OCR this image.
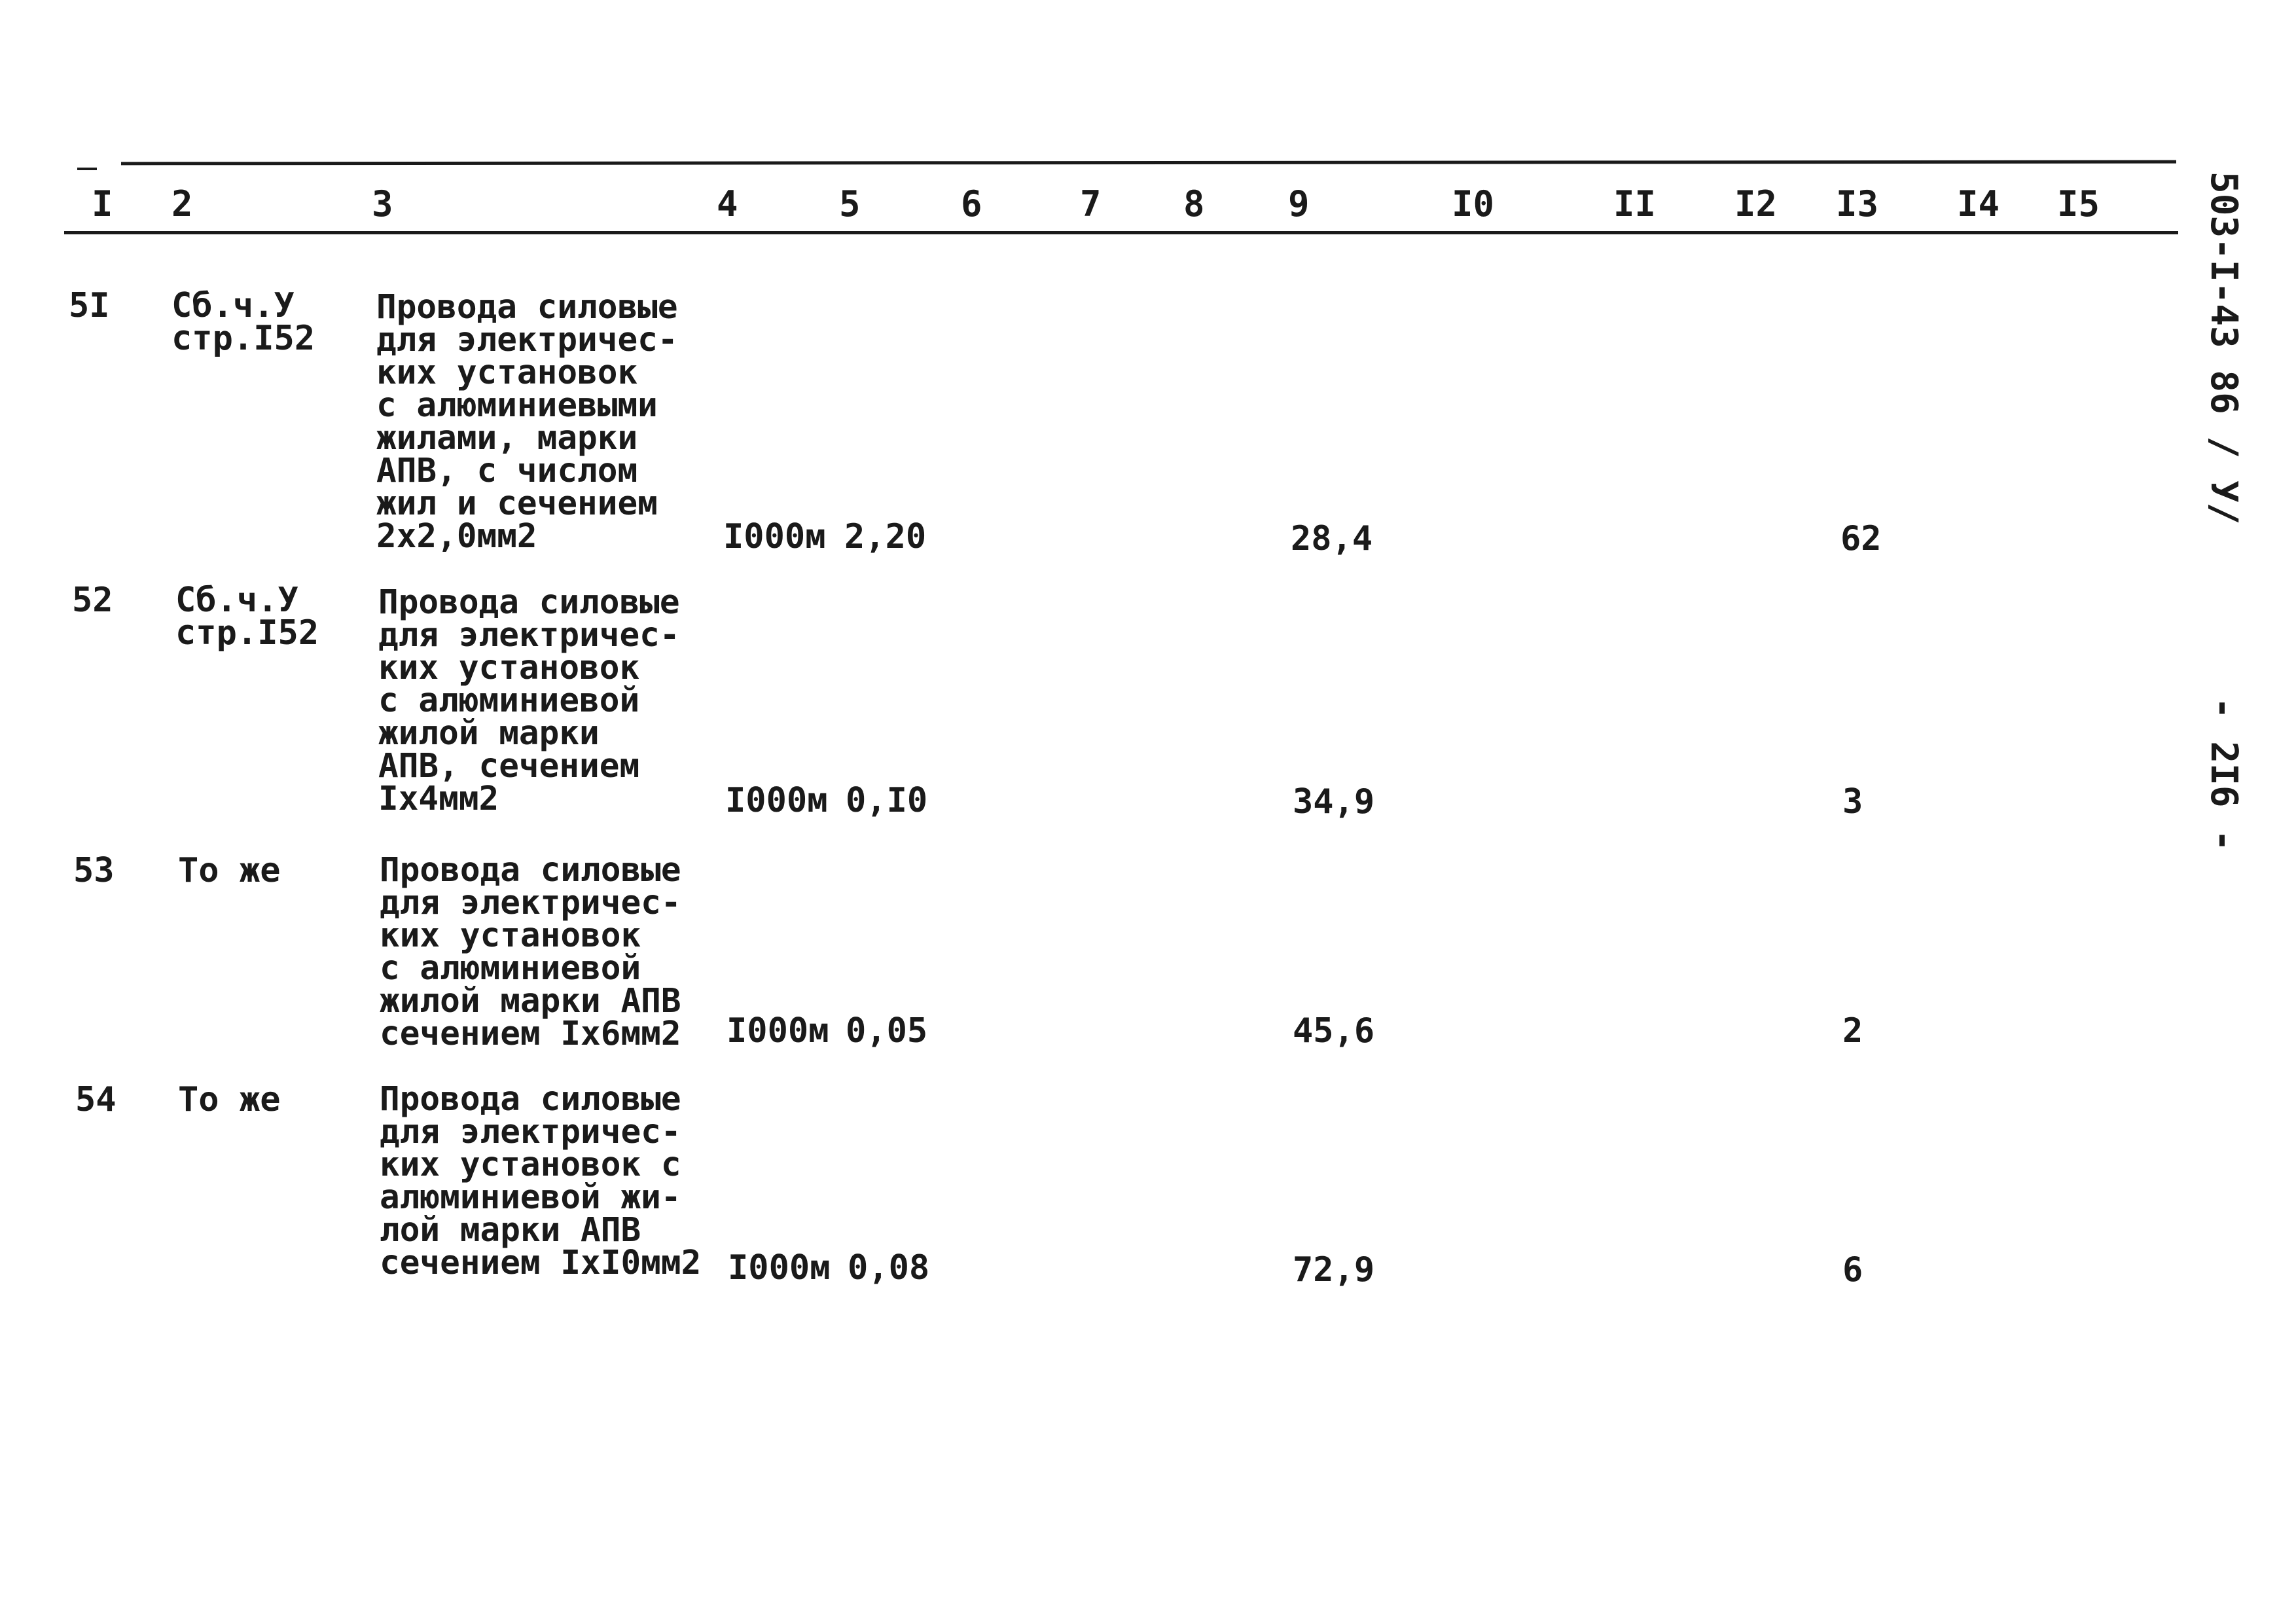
I 2	3	4	5	6	7 8 9	I0	II I2 I3 I4 I5
5I Сб.ч.У
стр.I52
Провода силовые
для электричес-
ких установок
с алюминиевыми
жилами, марки
АПВ, с числом
жил и сечением
2х2,0мм2	I000м 2,20	28,4	62
52 Сб.ч.У
стр.I52
Провода силовые
для электричес-
ких установок
с алюминиевой
жилой марки
АПВ, сечением
Iх4мм2	I000м 0,I0	34,9	3
53 То же	Провода силовые
для электричес-
ких установок
с алюминиевой
жилой марки АПВ
сечением Iх6мм2	I000м 0,05	45,6	2
54 То же	Провода силовые
для электричес-
ких установок с
алюминиевой жи-
лой марки АПВ
сечением IхI0мм2 I000м 0,08	72,9	6
503-I-43 86 / У/
- 2I6 -
